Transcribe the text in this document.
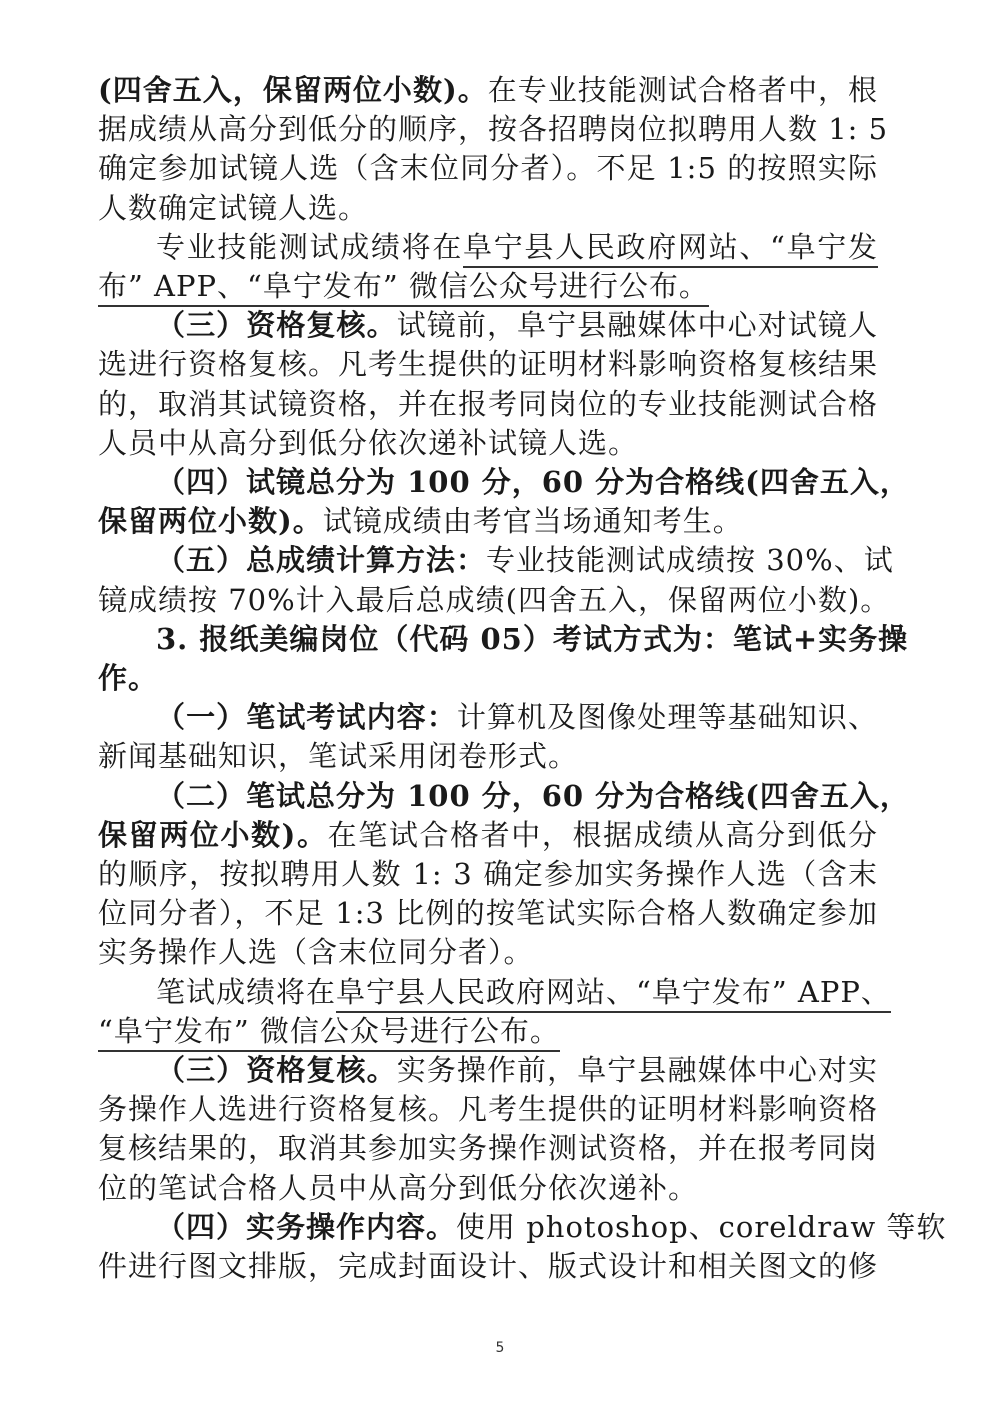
(四舍五入，保留两位小数)。在专业技能测试合格者中，根
据成绩从高分到低分的顺序，按各招聘岗位拟聘用人数 1: 5
确定参加试镜人选（含末位同分者）。不足 1:5 的按照实际
人数确定试镜人选。
专业技能测试成绩将在阜宁县人民政府网站、“阜宁发
布” APP、“阜宁发布” 微信公众号进行公布。
（三）资格复核。试镜前，阜宁县融媒体中心对试镜人
选进行资格复核。凡考生提供的证明材料影响资格复核结果
的，取消其试镜资格，并在报考同岗位的专业技能测试合格
人员中从高分到低分依次递补试镜人选。
（四）试镜总分为 100 分，60 分为合格线(四舍五入，
保留两位小数)。试镜成绩由考官当场通知考生。
（五）总成绩计算方法：专业技能测试成绩按 30%、试
镜成绩按 70%计入最后总成绩(四舍五入，保留两位小数)。
3. 报纸美编岗位（代码 05）考试方式为：笔试+实务操
作。
（一）笔试考试内容：计算机及图像处理等基础知识、
新闻基础知识，笔试采用闭卷形式。
（二）笔试总分为 100 分，60 分为合格线(四舍五入，
保留两位小数)。在笔试合格者中，根据成绩从高分到低分
的顺序，按拟聘用人数 1: 3 确定参加实务操作人选（含末
位同分者），不足 1:3 比例的按笔试实际合格人数确定参加
实务操作人选（含末位同分者）。
笔试成绩将在阜宁县人民政府网站、“阜宁发布” APP、
“阜宁发布” 微信公众号进行公布。
（三）资格复核。实务操作前，阜宁县融媒体中心对实
务操作人选进行资格复核。凡考生提供的证明材料影响资格
复核结果的，取消其参加实务操作测试资格，并在报考同岗
位的笔试合格人员中从高分到低分依次递补。
（四）实务操作内容。使用 photoshop、coreldraw 等软
件进行图文排版，完成封面设计、版式设计和相关图文的修
5
